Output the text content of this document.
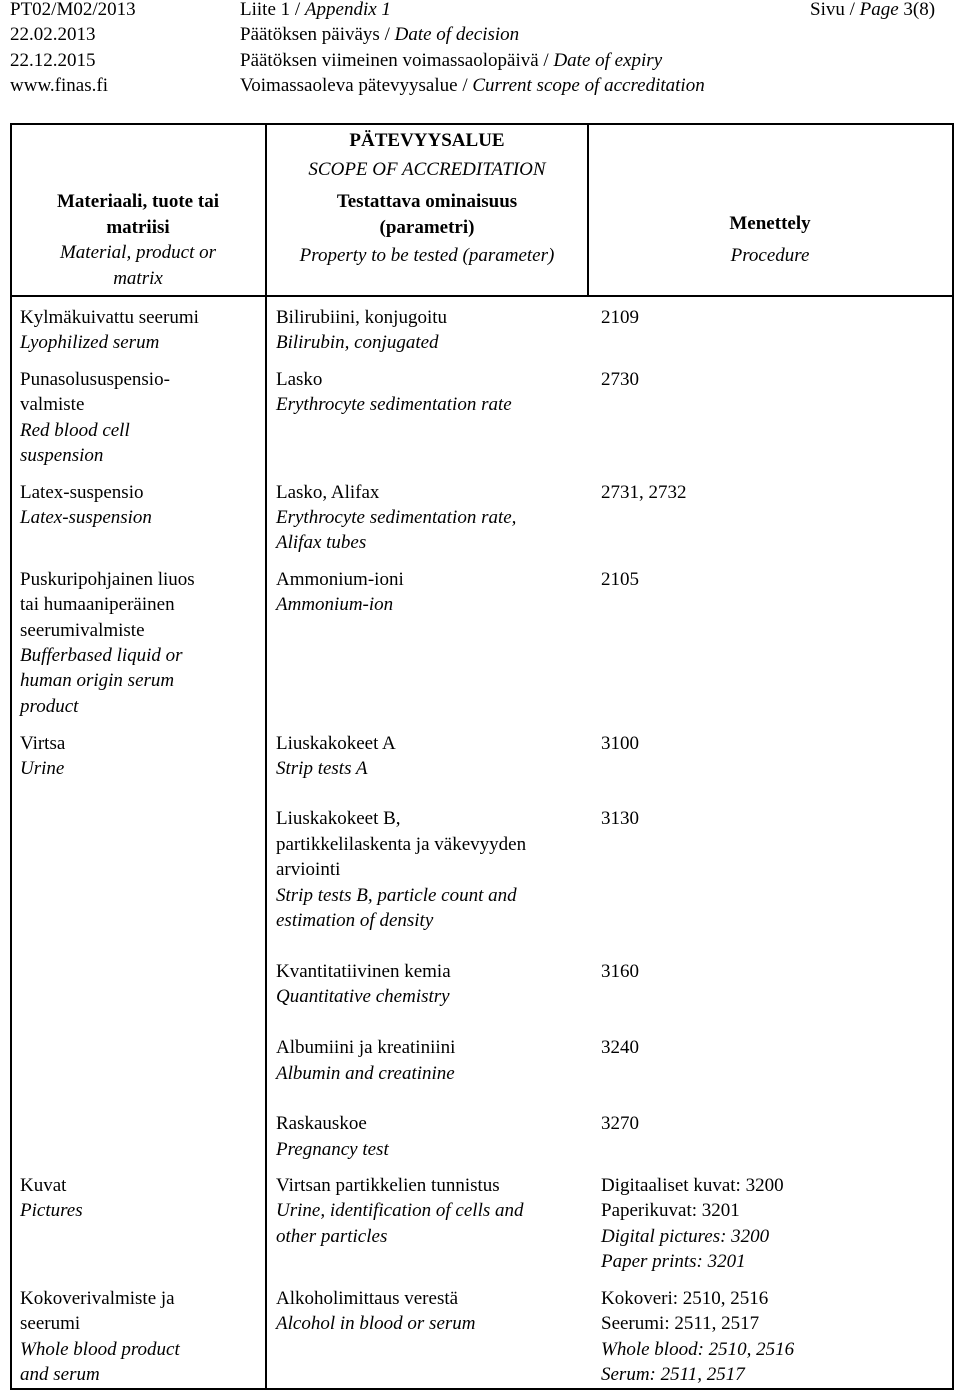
PT02/M02/2013
22.02.2013
22.12.2015
www.finas.fi
Liite 1 / Appendix 1
Päätöksen päiväys / Date of decision
Päätöksen viimeinen voimassaolopäivä / Date of expiry
Voimassaoleva pätevyysalue / Current scope of accreditation
Sivu / Page 3(8)
Materiaali, tuote tai
matriisi
Material, product or
matrix
PÄTEVYYSALUE
SCOPE OF ACCREDITATION
Testattava ominaisuus
(parametri)
Property to be tested (parameter)
Menettely
Procedure
Kylmäkuivattu seerumi
Lyophilized serum
Bilirubiini, konjugoitu
Bilirubin, conjugated
2109
Punasolususpensio-
valmiste
Red blood cell
suspension
Lasko
Erythrocyte sedimentation rate
2730
Latex-suspensio
Latex-suspension
Lasko, Alifax
Erythrocyte sedimentation rate,
Alifax tubes
2731, 2732
Puskuripohjainen liuos
tai humaaniperäinen
seerumivalmiste
Bufferbased liquid or
human origin serum
product
Ammonium-ioni
Ammonium-ion
2105
Virtsa
Urine
Liuskakokeet A
Strip tests A
3100
Liuskakokeet B,
partikkelilaskenta ja väkevyyden
arviointi
Strip tests B, particle count and
estimation of density
3130
Kvantitatiivinen kemia
Quantitative chemistry
3160
Albumiini ja kreatiniini
Albumin and creatinine
3240
Raskauskoe
Pregnancy test
3270
Kuvat
Pictures
Virtsan partikkelien tunnistus
Urine, identification of cells and
other particles
Digitaaliset kuvat: 3200
Paperikuvat: 3201
Digital pictures: 3200
Paper prints: 3201
Kokoverivalmiste ja
seerumi
Whole blood product
and serum
Alkoholimittaus verestä
Alcohol in blood or serum
Kokoveri: 2510, 2516
Seerumi: 2511, 2517
Whole blood: 2510, 2516
Serum: 2511, 2517
